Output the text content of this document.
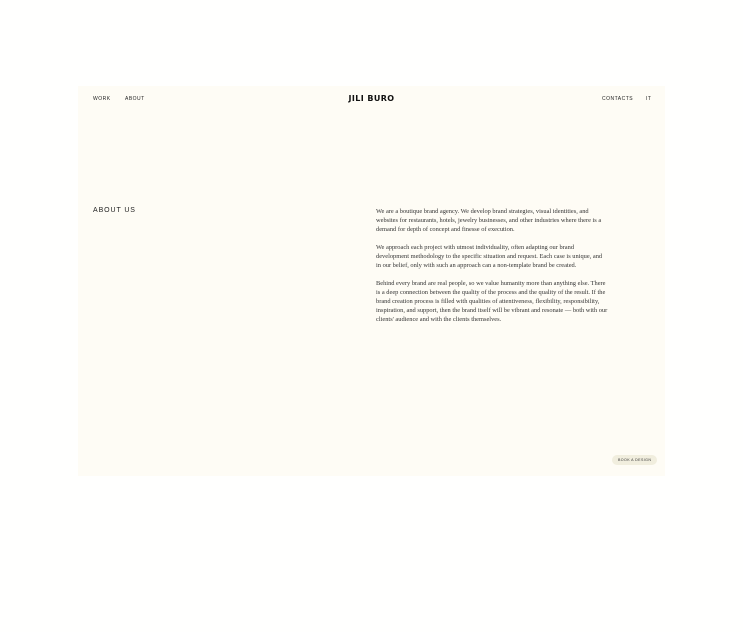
WORK	ABOUT	JILI BURO	CONTACTS	IT
ABOUT US	We are a boutique brand agency. We develop brand strategies, visual identities, and websites for restaurants, hotels, jewelry businesses, and other industries where there is a demand for depth of concept and finesse of execution.

We approach each project with utmost individuality, often adapting our brand development methodology to the specific situation and request. Each case is unique, and in our belief, only with such an approach can a non-template brand be created.

Behind every brand are real people, so we value humanity more than anything else. There is a deep connection between the quality of the process and the quality of the result. If the brand creation process is filled with qualities of attentiveness, flexibility, responsibility, inspiration, and support, then the brand itself will be vibrant and resonate — both with our clients' audience and with the clients themselves.

BOOK A DESIGN
